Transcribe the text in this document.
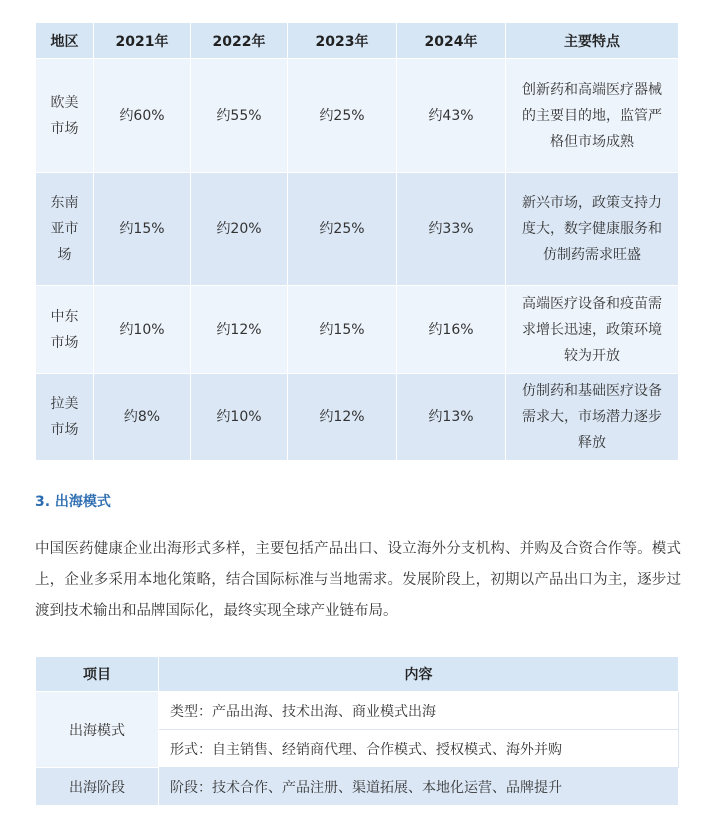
地区	2021年	2022年	2023年	2024年	主要特点
欧美市场	约60%	约55%	约25%	约43%	创新药和高端医疗器械的主要目的地，监管严格但市场成熟
东南亚市场	约15%	约20%	约25%	约33%	新兴市场，政策支持力度大，数字健康服务和仿制药需求旺盛
中东市场	约10%	约12%	约15%	约16%	高端医疗设备和疫苗需求增长迅速，政策环境较为开放
拉美市场	约8%	约10%	约12%	约13%	仿制药和基础医疗设备需求大，市场潜力逐步释放
3. 出海模式

中国医药健康企业出海形式多样，主要包括产品出口、设立海外分支机构、并购及合资合作等。模式上，企业多采用本地化策略，结合国际标准与当地需求。发展阶段上，初期以产品出口为主，逐步过渡到技术输出和品牌国际化，最终实现全球产业链布局。

项目	内容
出海模式	类型：产品出海、技术出海、商业模式出海
	形式：自主销售、经销商代理、合作模式、授权模式、海外并购
出海阶段	阶段：技术合作、产品注册、渠道拓展、本地化运营、品牌提升
